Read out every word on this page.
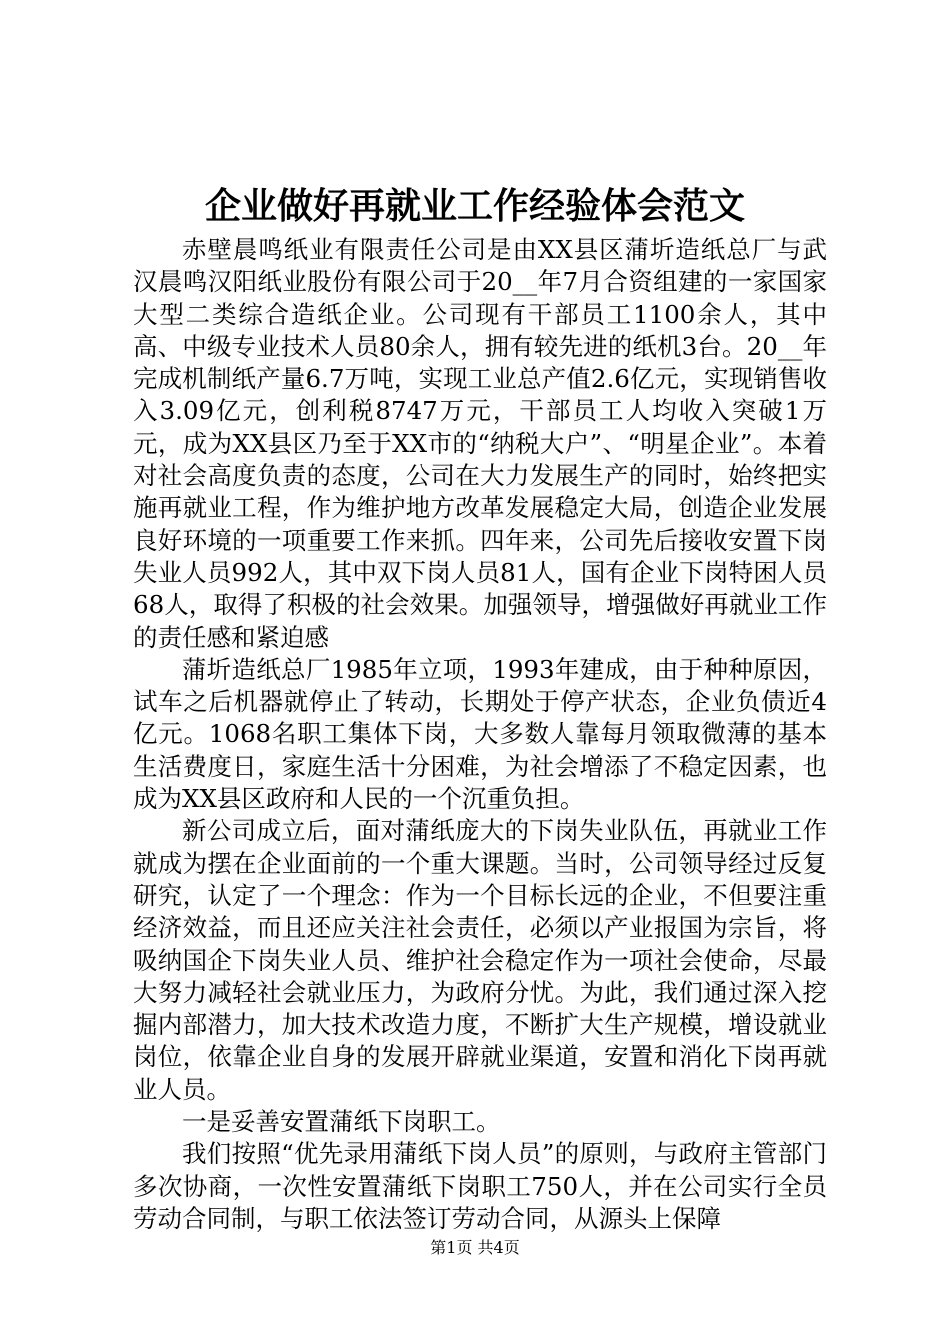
企业做好再就业工作经验体会范文

赤壁晨鸣纸业有限责任公司是由XX县区蒲圻造纸总厂与武汉晨鸣汉阳纸业股份有限公司于20__年7月合资组建的一家国家大型二类综合造纸企业。公司现有干部员工1100余人，其中高、中级专业技术人员80余人，拥有较先进的纸机3台。20__年完成机制纸产量6.7万吨，实现工业总产值2.6亿元，实现销售收入3.09亿元，创利税8747万元，干部员工人均收入突破1万元，成为XX县区乃至于XX市的“纳税大户”、“明星企业”。本着对社会高度负责的态度，公司在大力发展生产的同时，始终把实施再就业工程，作为维护地方改革发展稳定大局，创造企业发展良好环境的一项重要工作来抓。四年来，公司先后接收安置下岗失业人员992人，其中双下岗人员81人，国有企业下岗特困人员68人，取得了积极的社会效果。加强领导，增强做好再就业工作的责任感和紧迫感

蒲圻造纸总厂1985年立项，1993年建成，由于种种原因，试车之后机器就停止了转动，长期处于停产状态，企业负债近4亿元。1068名职工集体下岗，大多数人靠每月领取微薄的基本生活费度日，家庭生活十分困难，为社会增添了不稳定因素，也成为XX县区政府和人民的一个沉重负担。

新公司成立后，面对蒲纸庞大的下岗失业队伍，再就业工作就成为摆在企业面前的一个重大课题。当时，公司领导经过反复研究，认定了一个理念：作为一个目标长远的企业，不但要注重经济效益，而且还应关注社会责任，必须以产业报国为宗旨，将吸纳国企下岗失业人员、维护社会稳定作为一项社会使命，尽最大努力减轻社会就业压力，为政府分忧。为此，我们通过深入挖掘内部潜力，加大技术改造力度，不断扩大生产规模，增设就业岗位，依靠企业自身的发展开辟就业渠道，安置和消化下岗再就业人员。

一是妥善安置蒲纸下岗职工。

我们按照“优先录用蒲纸下岗人员”的原则，与政府主管部门多次协商，一次性安置蒲纸下岗职工750人，并在公司实行全员劳动合同制，与职工依法签订劳动合同，从源头上保障

第1页 共4页
